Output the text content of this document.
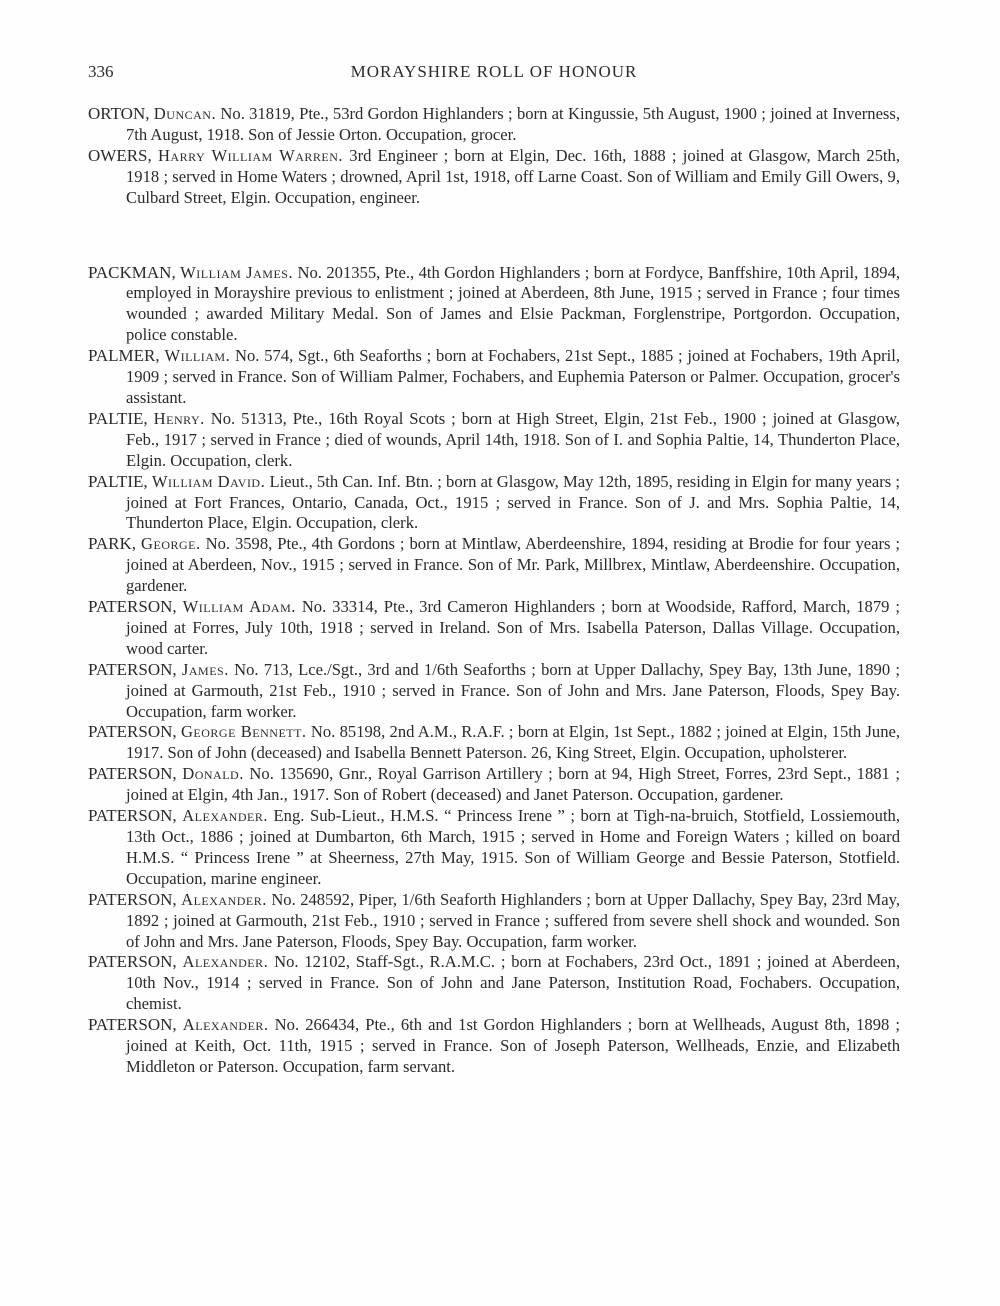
336	MORAYSHIRE ROLL OF HONOUR

ORTON, Duncan. No. 31819, Pte., 53rd Gordon Highlanders ; born at Kingussie, 5th August, 1900 ; joined at Inverness, 7th August, 1918. Son of Jessie Orton. Occupation, grocer.

OWERS, Harry William Warren. 3rd Engineer ; born at Elgin, Dec. 16th, 1888 ; joined at Glasgow, March 25th, 1918 ; served in Home Waters ; drowned, April 1st, 1918, off Larne Coast. Son of William and Emily Gill Owers, 9, Culbard Street, Elgin. Occupation, engineer.

PACKMAN, William James. No. 201355, Pte., 4th Gordon Highlanders ; born at Fordyce, Banffshire, 10th April, 1894, employed in Morayshire previous to enlistment ; joined at Aberdeen, 8th June, 1915 ; served in France ; four times wounded ; awarded Military Medal. Son of James and Elsie Packman, Forglenstripe, Portgordon. Occupation, police constable.

PALMER, William. No. 574, Sgt., 6th Seaforths ; born at Fochabers, 21st Sept., 1885 ; joined at Fochabers, 19th April, 1909 ; served in France. Son of William Palmer, Fochabers, and Euphemia Paterson or Palmer. Occupation, grocer's assistant.

PALTIE, Henry. No. 51313, Pte., 16th Royal Scots ; born at High Street, Elgin, 21st Feb., 1900 ; joined at Glasgow, Feb., 1917 ; served in France ; died of wounds, April 14th, 1918. Son of I. and Sophia Paltie, 14, Thunderton Place, Elgin. Occupation, clerk.

PALTIE, William David. Lieut., 5th Can. Inf. Btn. ; born at Glasgow, May 12th, 1895, residing in Elgin for many years ; joined at Fort Frances, Ontario, Canada, Oct., 1915 ; served in France. Son of J. and Mrs. Sophia Paltie, 14, Thunderton Place, Elgin. Occupation, clerk.

PARK, George. No. 3598, Pte., 4th Gordons ; born at Mintlaw, Aberdeenshire, 1894, residing at Brodie for four years ; joined at Aberdeen, Nov., 1915 ; served in France. Son of Mr. Park, Millbrex, Mintlaw, Aberdeenshire. Occupation, gardener.

PATERSON, William Adam. No. 33314, Pte., 3rd Cameron Highlanders ; born at Woodside, Rafford, March, 1879 ; joined at Forres, July 10th, 1918 ; served in Ireland. Son of Mrs. Isabella Paterson, Dallas Village. Occupation, wood carter.

PATERSON, James. No. 713, Lce./Sgt., 3rd and 1/6th Seaforths ; born at Upper Dallachy, Spey Bay, 13th June, 1890 ; joined at Garmouth, 21st Feb., 1910 ; served in France. Son of John and Mrs. Jane Paterson, Floods, Spey Bay. Occupation, farm worker.

PATERSON, George Bennett. No. 85198, 2nd A.M., R.A.F. ; born at Elgin, 1st Sept., 1882 ; joined at Elgin, 15th June, 1917. Son of John (deceased) and Isabella Bennett Paterson. 26, King Street, Elgin. Occupation, upholsterer.

PATERSON, Donald. No. 135690, Gnr., Royal Garrison Artillery ; born at 94, High Street, Forres, 23rd Sept., 1881 ; joined at Elgin, 4th Jan., 1917. Son of Robert (deceased) and Janet Paterson. Occupation, gardener.

PATERSON, Alexander. Eng. Sub-Lieut., H.M.S. “ Princess Irene ” ; born at Tigh-na-bruich, Stotfield, Lossiemouth, 13th Oct., 1886 ; joined at Dumbarton, 6th March, 1915 ; served in Home and Foreign Waters ; killed on board H.M.S. “ Princess Irene ” at Sheerness, 27th May, 1915. Son of William George and Bessie Paterson, Stotfield. Occupation, marine engineer.

PATERSON, Alexander. No. 248592, Piper, 1/6th Seaforth Highlanders ; born at Upper Dallachy, Spey Bay, 23rd May, 1892 ; joined at Garmouth, 21st Feb., 1910 ; served in France ; suffered from severe shell shock and wounded. Son of John and Mrs. Jane Paterson, Floods, Spey Bay. Occupation, farm worker.

PATERSON, Alexander. No. 12102, Staff-Sgt., R.A.M.C. ; born at Fochabers, 23rd Oct., 1891 ; joined at Aberdeen, 10th Nov., 1914 ; served in France. Son of John and Jane Paterson, Institution Road, Fochabers. Occupation, chemist.

PATERSON, Alexander. No. 266434, Pte., 6th and 1st Gordon Highlanders ; born at Wellheads, August 8th, 1898 ; joined at Keith, Oct. 11th, 1915 ; served in France. Son of Joseph Paterson, Wellheads, Enzie, and Elizabeth Middleton or Paterson. Occupation, farm servant.
